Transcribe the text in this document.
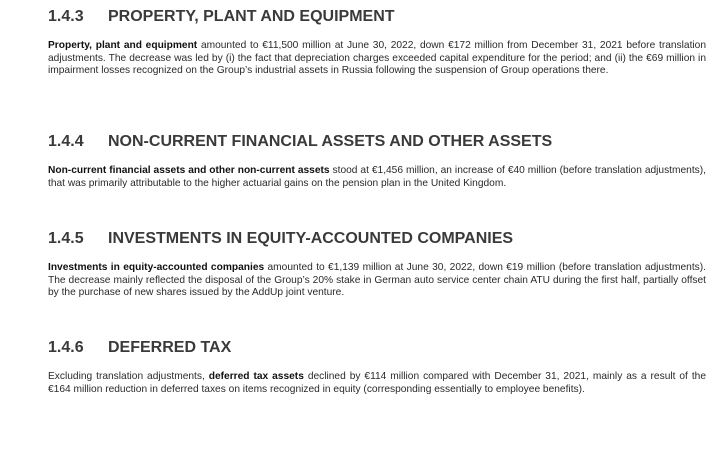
1.4.3 PROPERTY, PLANT AND EQUIPMENT

Property, plant and equipment amounted to €11,500 million at June 30, 2022, down €172 million from December 31, 2021 before translation adjustments. The decrease was led by (i) the fact that depreciation charges exceeded capital expenditure for the period; and (ii) the €69 million in impairment losses recognized on the Group’s industrial assets in Russia following the suspension of Group operations there.

1.4.4 NON-CURRENT FINANCIAL ASSETS AND OTHER ASSETS

Non-current financial assets and other non-current assets stood at €1,456 million, an increase of €40 million (before translation adjustments), that was primarily attributable to the higher actuarial gains on the pension plan in the United Kingdom.

1.4.5 INVESTMENTS IN EQUITY-ACCOUNTED COMPANIES

Investments in equity-accounted companies amounted to €1,139 million at June 30, 2022, down €19 million (before translation adjustments). The decrease mainly reflected the disposal of the Group’s 20% stake in German auto service center chain ATU during the first half, partially offset by the purchase of new shares issued by the AddUp joint venture.

1.4.6 DEFERRED TAX

Excluding translation adjustments, deferred tax assets declined by €114 million compared with December 31, 2021, mainly as a result of the €164 million reduction in deferred taxes on items recognized in equity (corresponding essentially to employee benefits).
